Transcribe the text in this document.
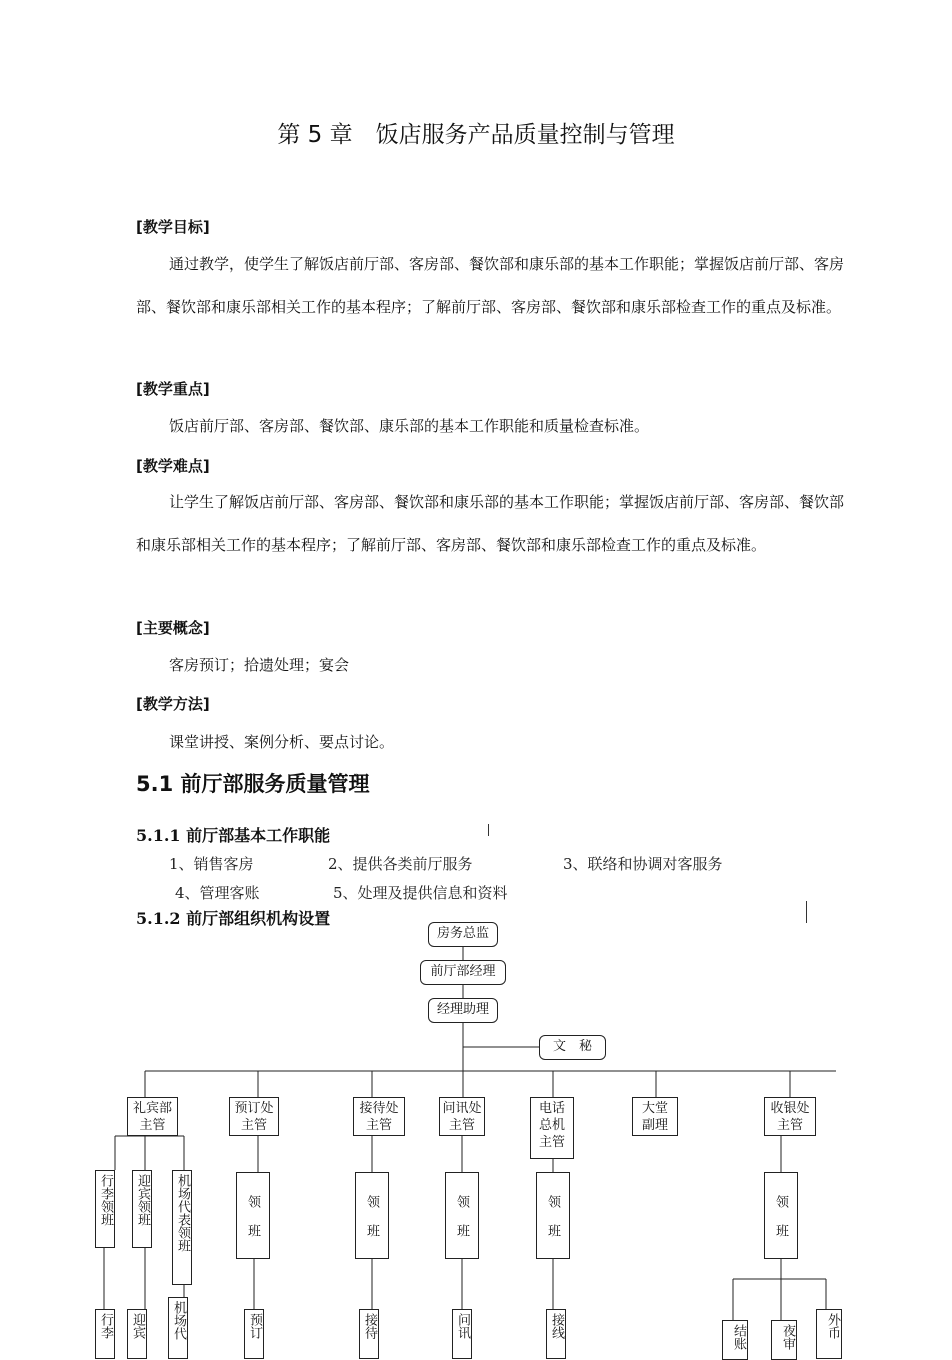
第 5 章　饭店服务产品质量控制与管理
[教学目标]
通过教学，使学生了解饭店前厅部、客房部、餐饮部和康乐部的基本工作职能；掌握饭店前厅部、客房部、餐饮部和康乐部相关工作的基本程序；了解前厅部、客房部、餐饮部和康乐部检查工作的重点及标准。
[教学重点]
饭店前厅部、客房部、餐饮部、康乐部的基本工作职能和质量检查标准。
[教学难点]
让学生了解饭店前厅部、客房部、餐饮部和康乐部的基本工作职能；掌握饭店前厅部、客房部、餐饮部和康乐部相关工作的基本程序；了解前厅部、客房部、餐饮部和康乐部检查工作的重点及标准。
[主要概念]
客房预订；拾遗处理；宴会
[教学方法]
课堂讲授、案例分析、要点讨论。
5.1 前厅部服务质量管理
5.1.1 前厅部基本工作职能
1、销售客房	2、提供各类前厅服务	3、联络和协调对客服务
4、管理客账	5、处理及提供信息和资料
5.1.2 前厅部组织机构设置
房务总监
前厅部经理
经理助理
文　秘
礼宾部主管
预订处主管
接待处主管
问讯处主管
电话总机主管
大堂副理
收银处主管
行李领班 迎宾领班 机场代表领班	领班	领班	领班	领班	领班
行李 迎宾 机场代	预订	接待	问讯	接线	结账	夜审	外币
